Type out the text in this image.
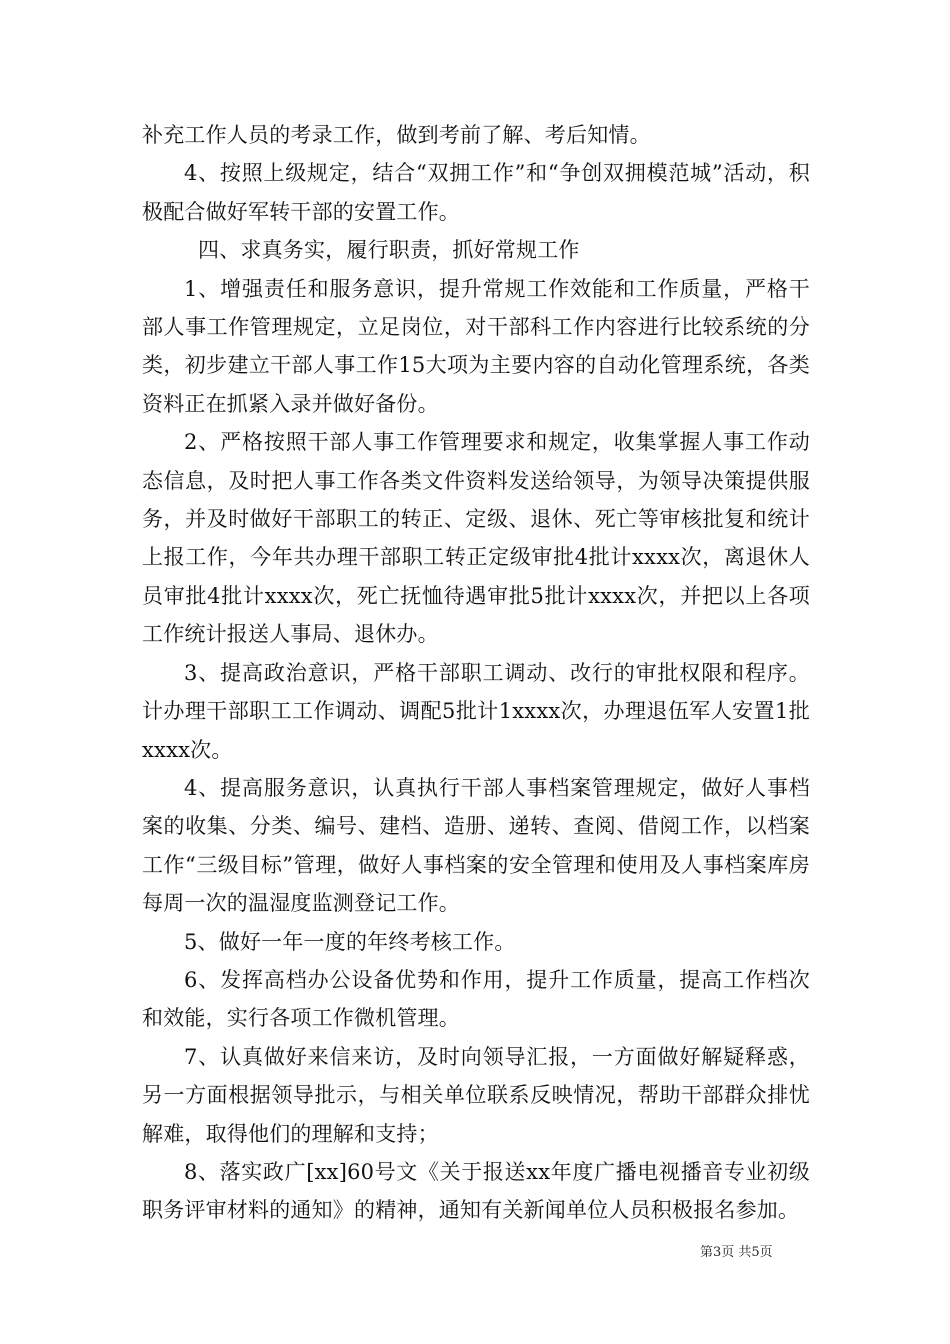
补充工作人员的考录工作，做到考前了解、考后知情。

4、按照上级规定，结合“双拥工作”和“争创双拥模范城”活动，积极配合做好军转干部的安置工作。

四、求真务实，履行职责，抓好常规工作

1、增强责任和服务意识，提升常规工作效能和工作质量，严格干部人事工作管理规定，立足岗位，对干部科工作内容进行比较系统的分类，初步建立干部人事工作15大项为主要内容的自动化管理系统，各类资料正在抓紧入录并做好备份。

2、严格按照干部人事工作管理要求和规定，收集掌握人事工作动态信息，及时把人事工作各类文件资料发送给领导，为领导决策提供服务，并及时做好干部职工的转正、定级、退休、死亡等审核批复和统计上报工作，今年共办理干部职工转正定级审批4批计xxxx次，离退休人员审批4批计xxxx次，死亡抚恤待遇审批5批计xxxx次，并把以上各项工作统计报送人事局、退休办。

3、提高政治意识，严格干部职工调动、改行的审批权限和程序。计办理干部职工工作调动、调配5批计1xxxx次，办理退伍军人安置1批xxxx次。

4、提高服务意识，认真执行干部人事档案管理规定，做好人事档案的收集、分类、编号、建档、造册、递转、查阅、借阅工作，以档案工作“三级目标”管理，做好人事档案的安全管理和使用及人事档案库房每周一次的温湿度监测登记工作。

5、做好一年一度的年终考核工作。

6、发挥高档办公设备优势和作用，提升工作质量，提高工作档次和效能，实行各项工作微机管理。

7、认真做好来信来访，及时向领导汇报，一方面做好解疑释惑，另一方面根据领导批示，与相关单位联系反映情况，帮助干部群众排忧解难，取得他们的理解和支持；

8、落实政广[xx]60号文《关于报送xx年度广播电视播音专业初级职务评审材料的通知》的精神，通知有关新闻单位人员积极报名参加。

第3页 共5页
